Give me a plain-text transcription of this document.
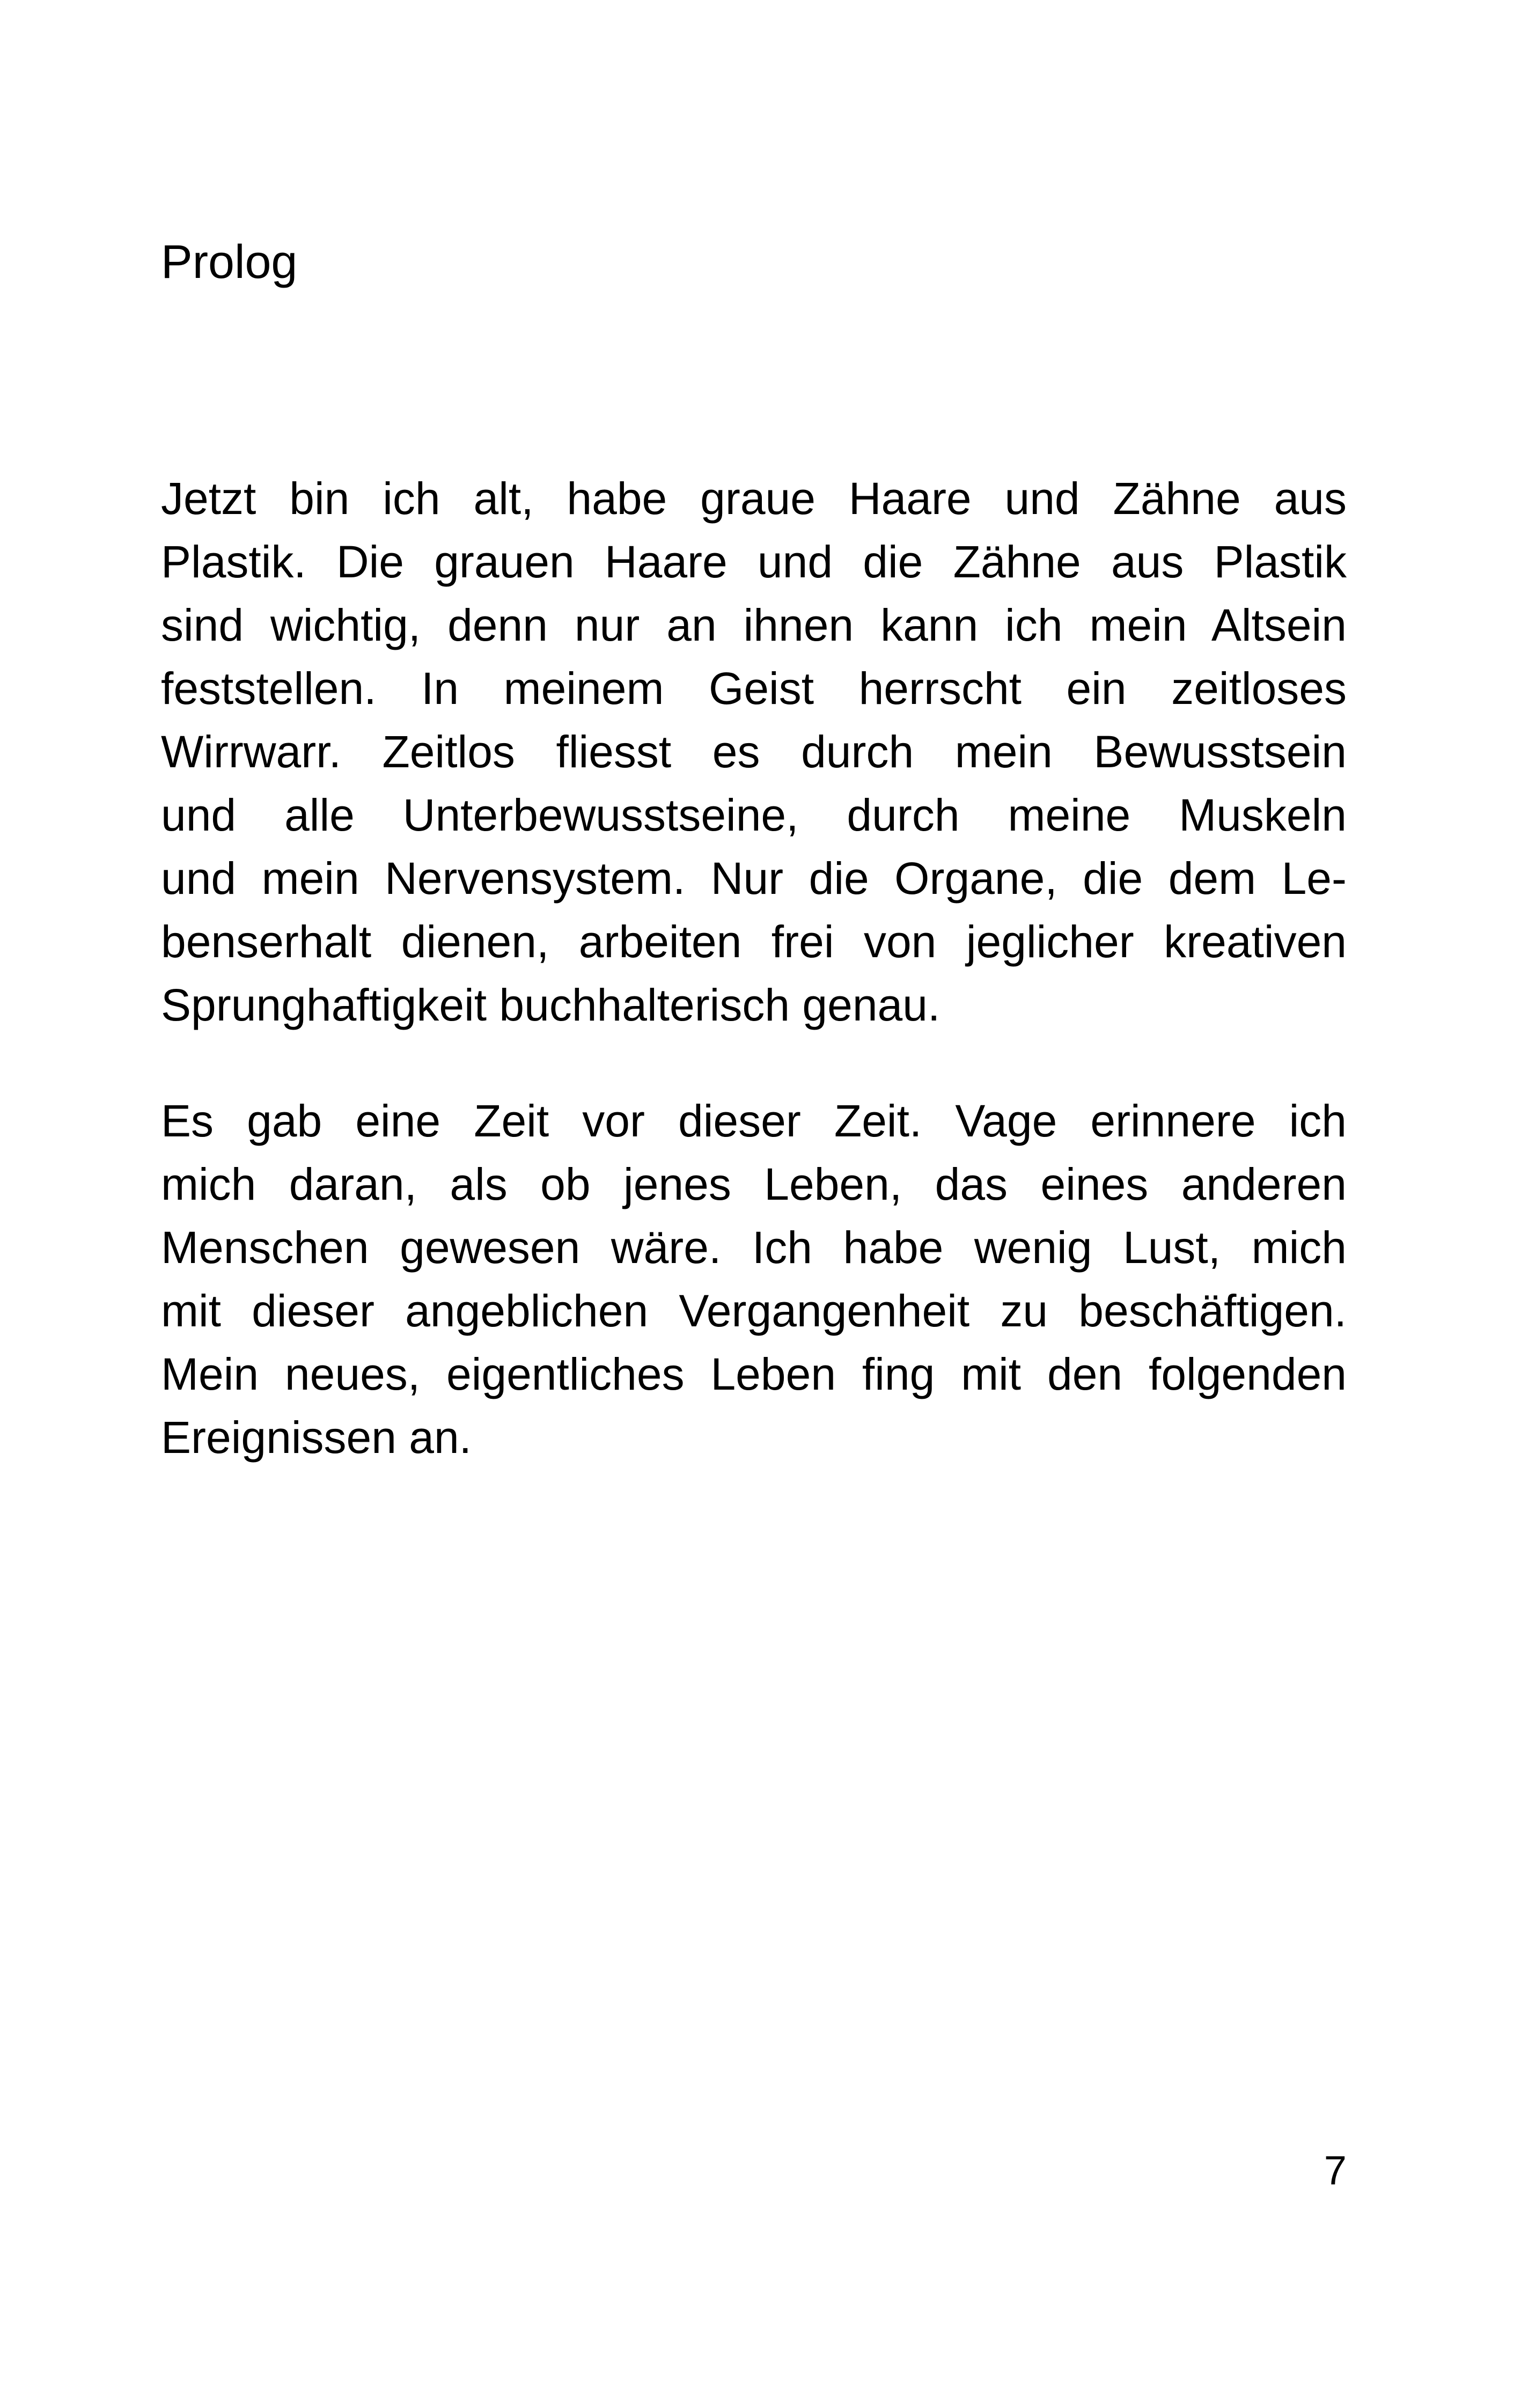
Prolog
Jetzt bin ich alt, habe graue Haare und Zähne aus
Plastik. Die grauen Haare und die Zähne aus Plastik
sind wichtig, denn nur an ihnen kann ich mein Altsein
feststellen. In meinem Geist herrscht ein zeitloses
Wirrwarr. Zeitlos fliesst es durch mein Bewusstsein
und alle Unterbewusstseine, durch meine Muskeln
und mein Nervensystem. Nur die Organe, die dem Le-
benserhalt dienen, arbeiten frei von jeglicher kreativen
Sprunghaftigkeit buchhalterisch genau.
Es gab eine Zeit vor dieser Zeit. Vage erinnere ich
mich daran, als ob jenes Leben, das eines anderen
Menschen gewesen wäre. Ich habe wenig Lust, mich
mit dieser angeblichen Vergangenheit zu beschäftigen.
Mein neues, eigentliches Leben fing mit den folgenden
Ereignissen an.

7
